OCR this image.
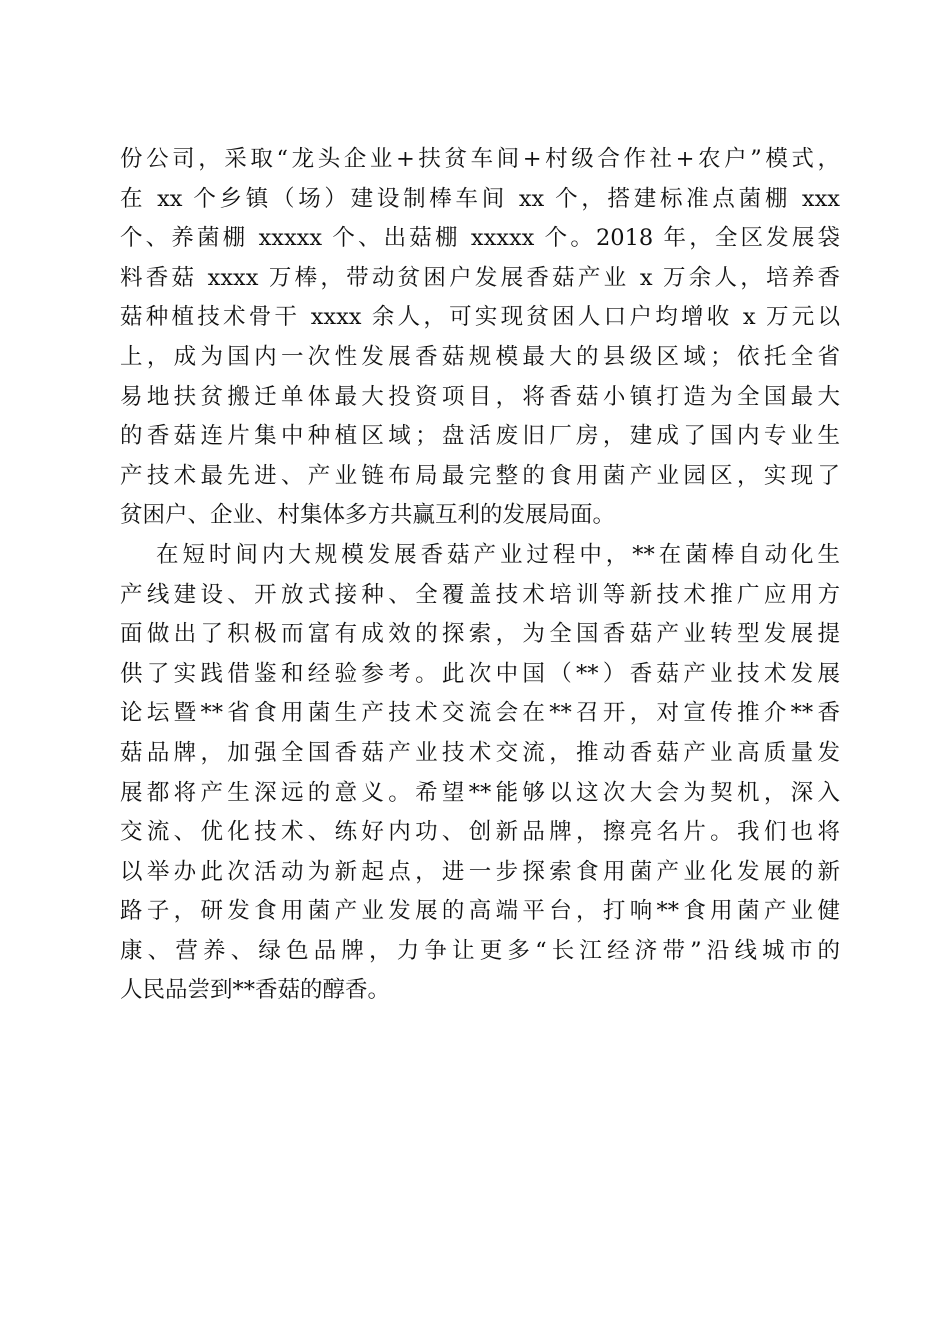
份公司，采取“龙头企业+扶贫车间+村级合作社+农户”模式，
在 xx 个乡镇（场）建设制棒车间 xx 个，搭建标准点菌棚 xxx
个、养菌棚 xxxxx 个、出菇棚 xxxxx 个。2018 年，全区发展袋
料香菇 xxxx 万棒，带动贫困户发展香菇产业 x 万余人，培养香
菇种植技术骨干 xxxx 余人，可实现贫困人口户均增收 x 万元以
上，成为国内一次性发展香菇规模最大的县级区域；依托全省
易地扶贫搬迁单体最大投资项目，将香菇小镇打造为全国最大
的香菇连片集中种植区域；盘活废旧厂房，建成了国内专业生
产技术最先进、产业链布局最完整的食用菌产业园区，实现了
贫困户、企业、村集体多方共赢互利的发展局面。
在短时间内大规模发展香菇产业过程中，**在菌棒自动化生
产线建设、开放式接种、全覆盖技术培训等新技术推广应用方
面做出了积极而富有成效的探索，为全国香菇产业转型发展提
供了实践借鉴和经验参考。此次中国（**）香菇产业技术发展
论坛暨**省食用菌生产技术交流会在**召开，对宣传推介**香
菇品牌，加强全国香菇产业技术交流，推动香菇产业高质量发
展都将产生深远的意义。希望**能够以这次大会为契机，深入
交流、优化技术、练好内功、创新品牌，擦亮名片。我们也将
以举办此次活动为新起点，进一步探索食用菌产业化发展的新
路子，研发食用菌产业发展的高端平台，打响**食用菌产业健
康、营养、绿色品牌，力争让更多“长江经济带”沿线城市的
人民品尝到**香菇的醇香。
